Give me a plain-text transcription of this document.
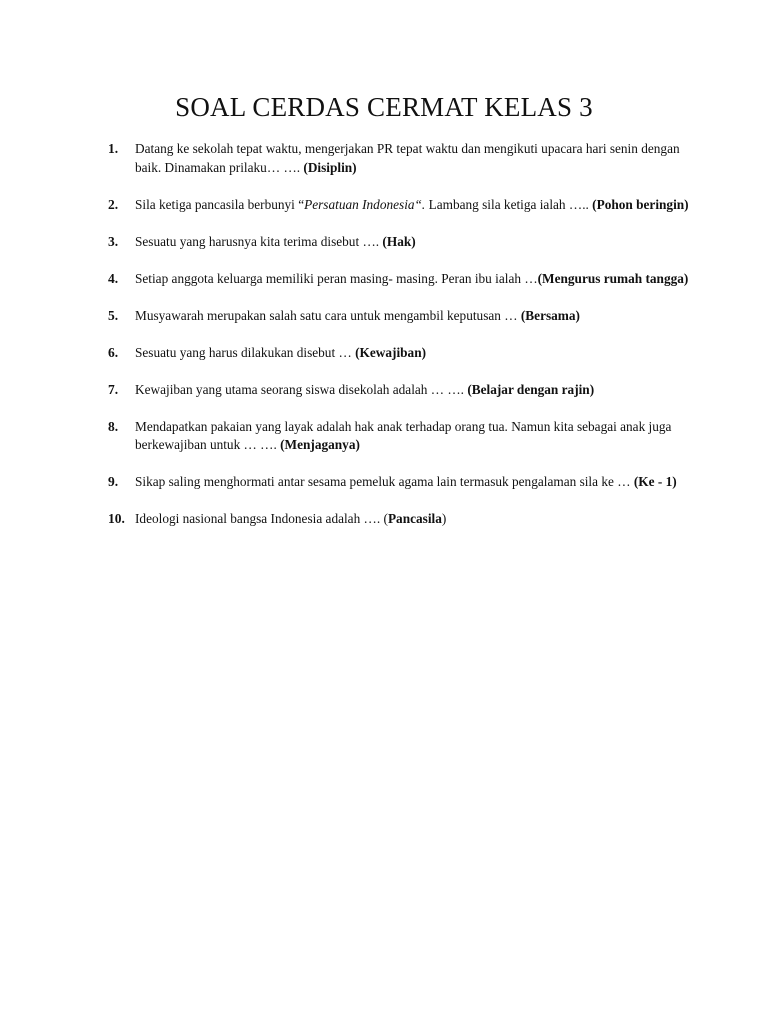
SOAL CERDAS CERMAT KELAS 3
1. Datang ke sekolah tepat waktu, mengerjakan PR tepat waktu dan mengikuti upacara hari senin dengan baik. Dinamakan prilaku… …. (Disiplin)
2. Sila ketiga pancasila berbunyi “Persatuan Indonesia“. Lambang sila ketiga ialah ….. (Pohon beringin)
3. Sesuatu yang harusnya kita terima disebut …. (Hak)
4. Setiap anggota keluarga memiliki peran masing- masing. Peran ibu ialah …(Mengurus rumah tangga)
5. Musyawarah merupakan salah satu cara untuk mengambil keputusan … (Bersama)
6. Sesuatu yang harus dilakukan disebut … (Kewajiban)
7. Kewajiban yang utama seorang siswa disekolah adalah … …. (Belajar dengan rajin)
8. Mendapatkan pakaian yang layak adalah hak anak terhadap orang tua. Namun kita sebagai anak juga berkewajiban untuk … …. (Menjaganya)
9. Sikap saling menghormati antar sesama pemeluk agama lain termasuk pengalaman sila ke … (Ke - 1)
10. Ideologi nasional bangsa Indonesia adalah …. (Pancasila)
